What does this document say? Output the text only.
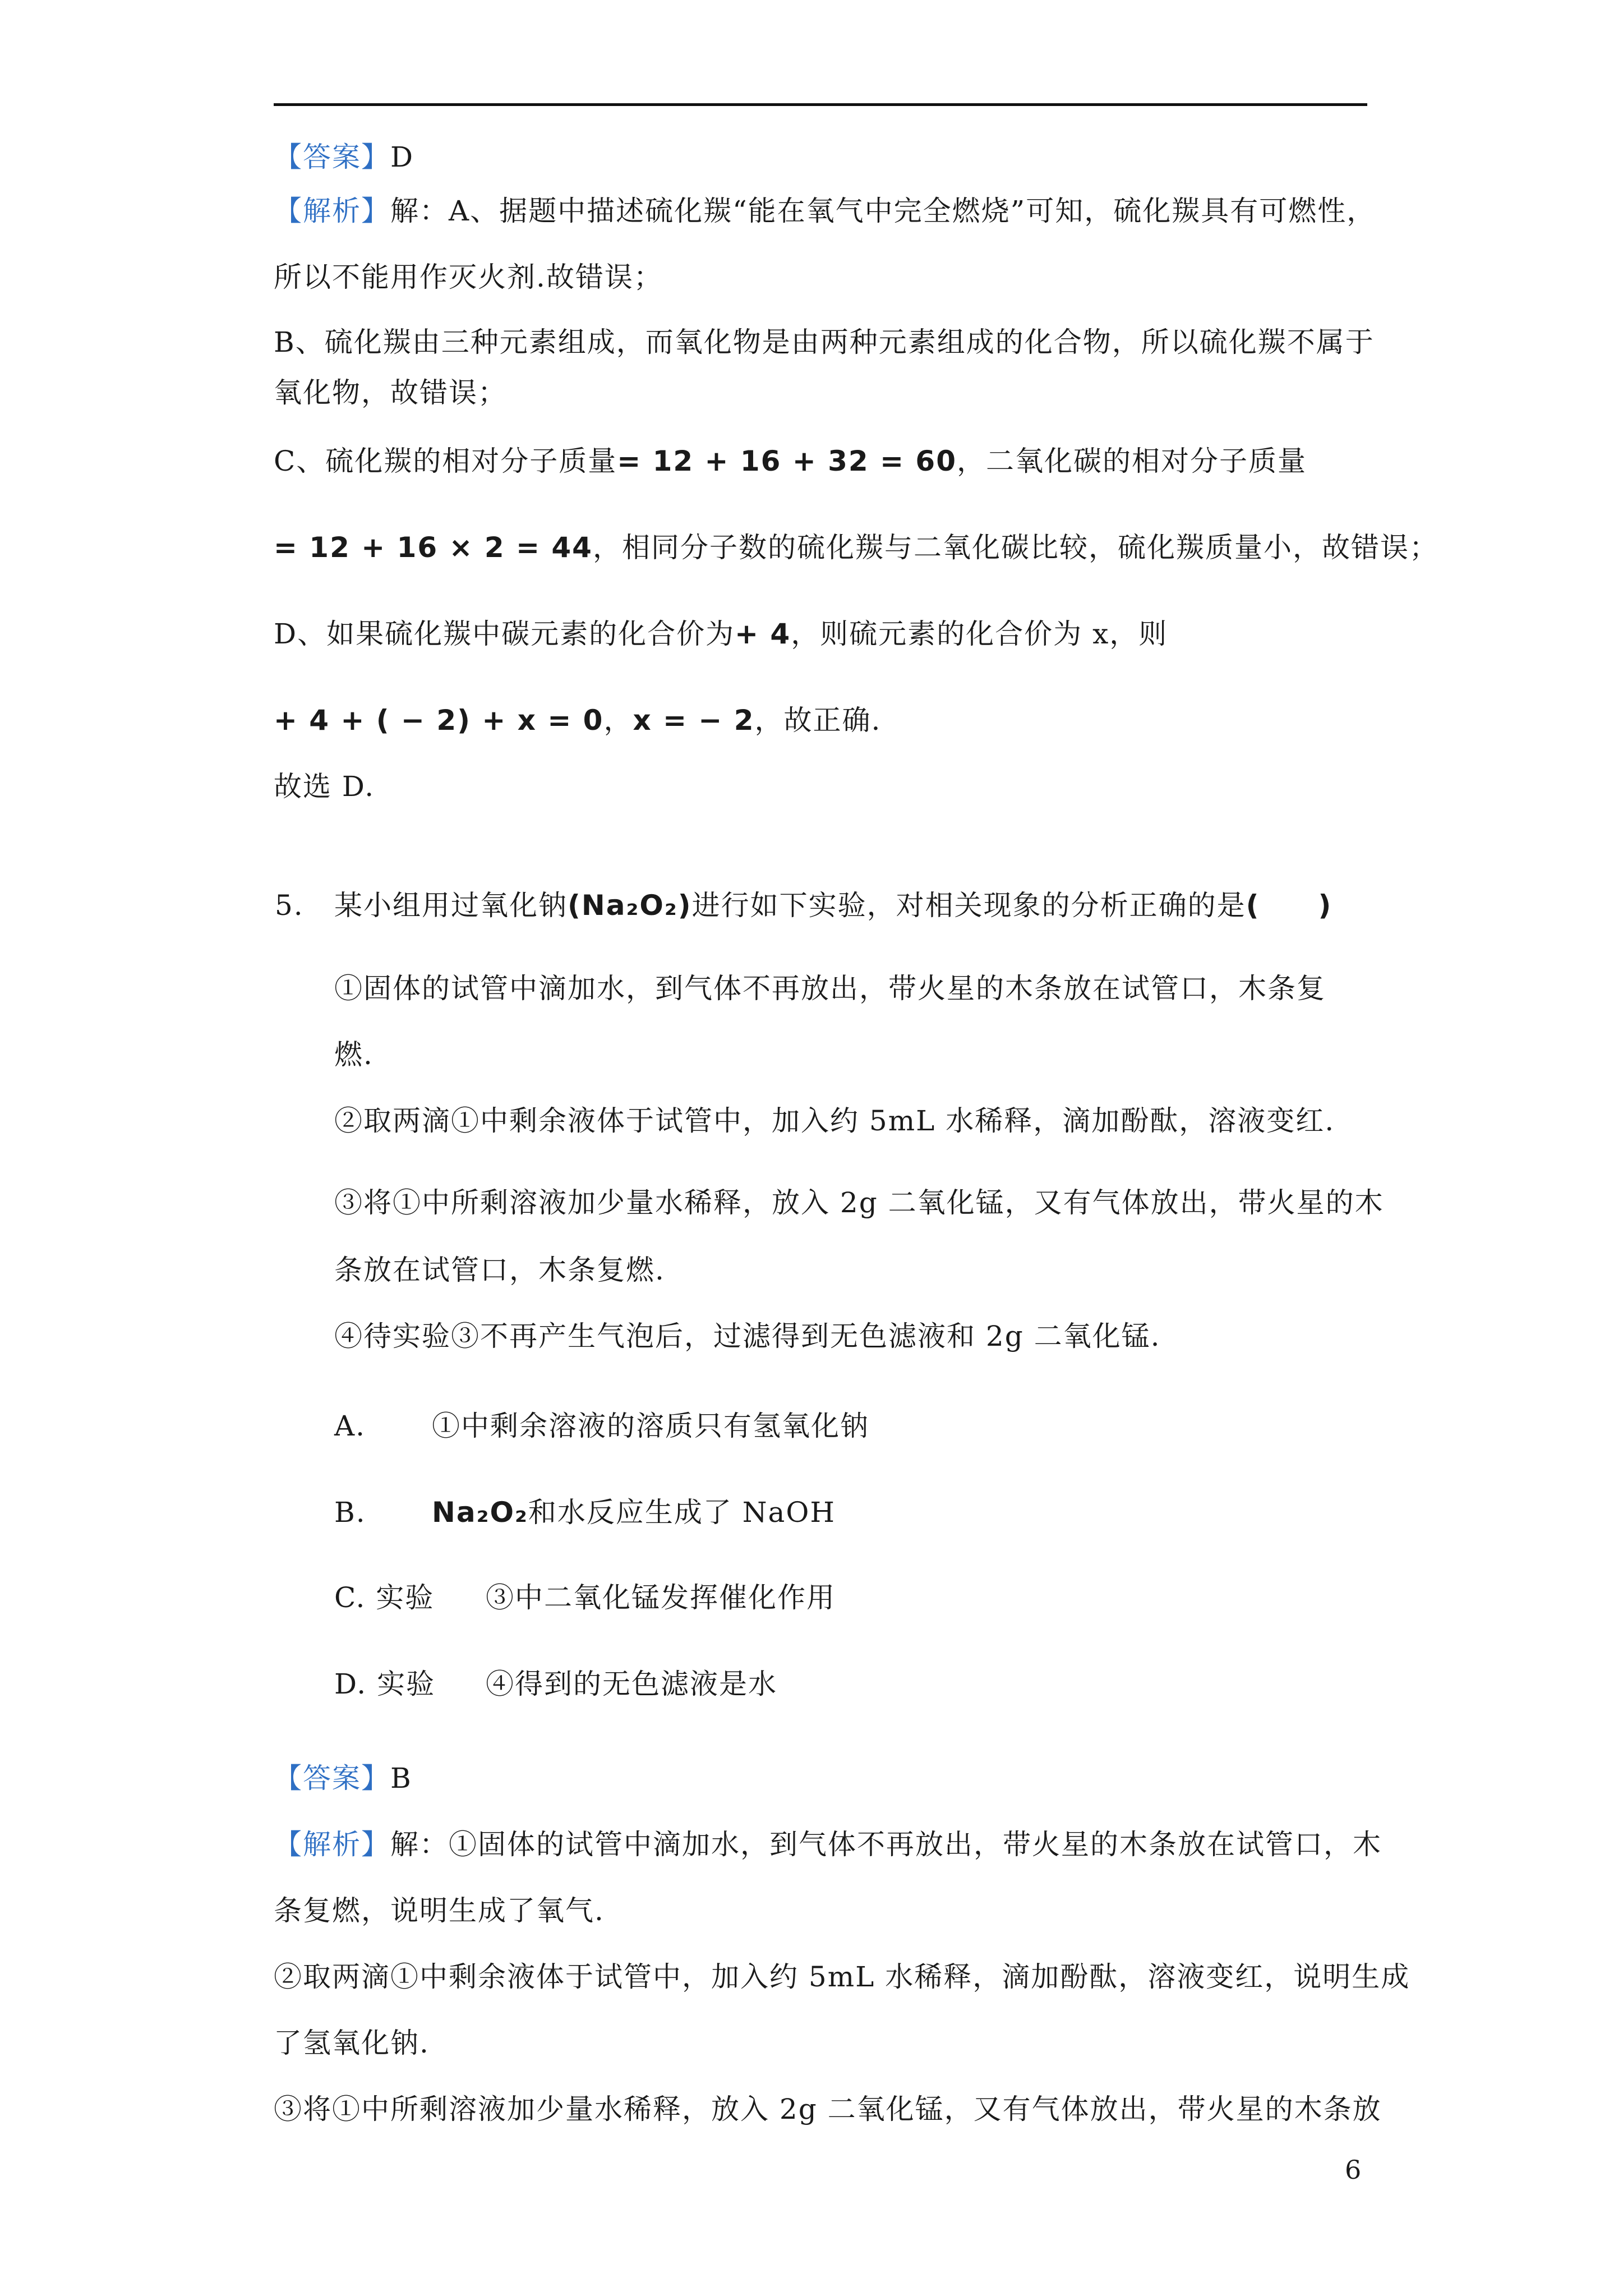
【答案】D
【解析】解：A、据题中描述硫化羰“能在氧气中完全燃烧”可知，硫化羰具有可燃性，
所以不能用作灭火剂.故错误；
B、硫化羰由三种元素组成，而氧化物是由两种元素组成的化合物，所以硫化羰不属于
氧化物，故错误；
C、硫化羰的相对分子质量= 12 + 16 + 32 = 60，二氧化碳的相对分子质量
= 12 + 16 × 2 = 44，相同分子数的硫化羰与二氧化碳比较，硫化羰质量小，故错误；
D、如果硫化羰中碳元素的化合价为+ 4，则硫元素的化合价为 x，则
+ 4 + ( − 2) + x = 0，x = − 2，故正确.
故选 D.
5. 某小组用过氧化钠(Na₂O₂)进行如下实验，对相关现象的分析正确的是(　　)
①固体的试管中滴加水，到气体不再放出，带火星的木条放在试管口，木条复
燃.
②取两滴①中剩余液体于试管中，加入约 5mL 水稀释，滴加酚酞，溶液变红.
③将①中所剩溶液加少量水稀释，放入 2g 二氧化锰，又有气体放出，带火星的木
条放在试管口，木条复燃.
④待实验③不再产生气泡后，过滤得到无色滤液和 2g 二氧化锰.
A. ①中剩余溶液的溶质只有氢氧化钠
B. Na₂O₂和水反应生成了 NaOH
C. 实验 ③中二氧化锰发挥催化作用
D. 实验 ④得到的无色滤液是水
【答案】B
【解析】解：①固体的试管中滴加水，到气体不再放出，带火星的木条放在试管口，木
条复燃，说明生成了氧气.
②取两滴①中剩余液体于试管中，加入约 5mL 水稀释，滴加酚酞，溶液变红，说明生成
了氢氧化钠.
③将①中所剩溶液加少量水稀释，放入 2g 二氧化锰，又有气体放出，带火星的木条放
6
